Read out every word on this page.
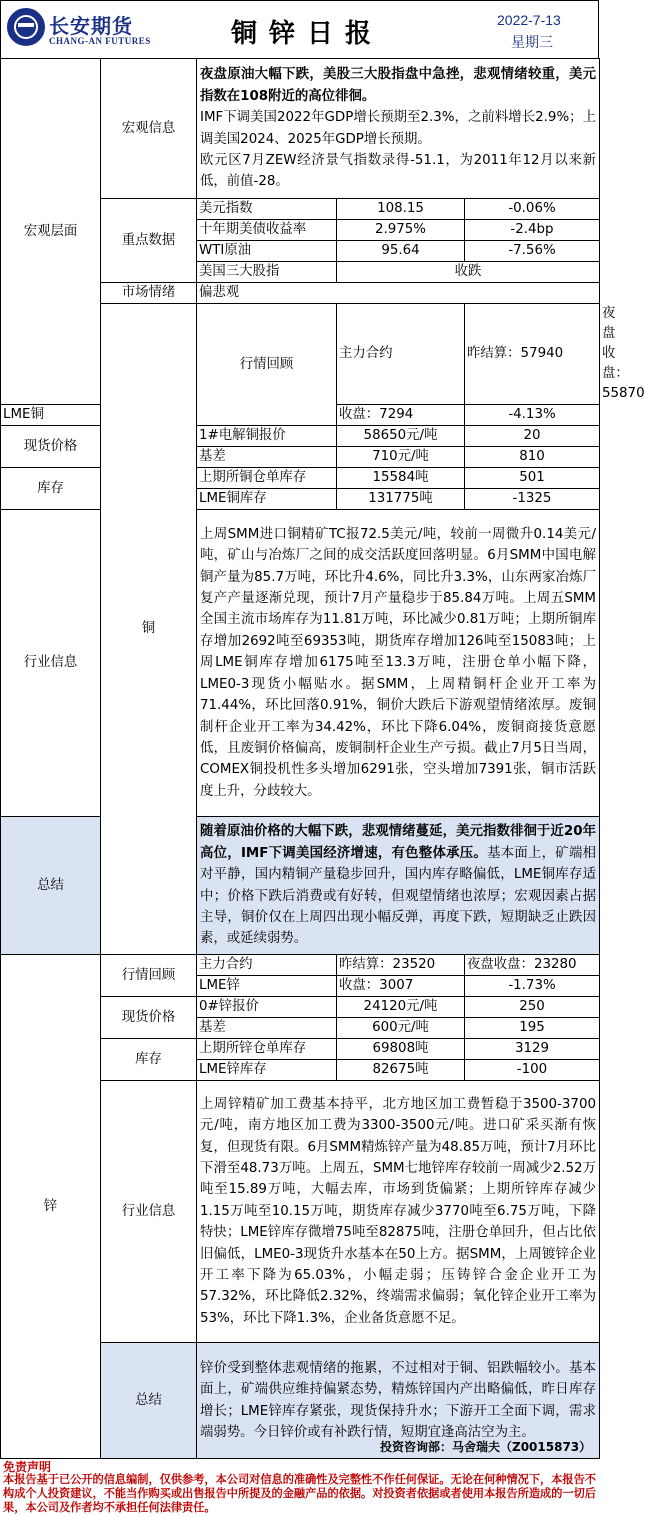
长安期货
CHANG-AN FUTURES	铜锌日报	2022-7-13
星期三
宏观层面	宏观信息	夜盘原油大幅下跌，美股三大股指盘中急挫，悲观情绪较重，美元指数在108附近的高位徘徊。
IMF下调美国2022年GDP增长预期至2.3%，之前料增长2.9%；上调美国2024、2025年GDP增长预期。
欧元区7月ZEW经济景气指数录得-51.1，为2011年12月以来新低，前值-28。			

	重点数据	美元指数	108.15	-0.06%	
		十年期美债收益率	2.975%	-2.4bp	
		WTI原油	95.64	-7.56%	
		美国三大股指	收跌		
	市场情绪	偏悲观			
	铜	行情回顾	主力合约	昨结算：57940	夜盘收盘：55870
LME铜			收盘：7294	-4.13%	
现货价格		1#电解铜报价	58650元/吨	20	
		基差	710元/吨	810	
库存		上期所铜仓单库存	15584吨	501	
		LME铜库存	131775吨	-1325	
行业信息		上周SMM进口铜精矿TC报72.5美元/吨，较前一周微升0.14美元/吨，矿山与冶炼厂之间的成交活跃度回落明显。6月SMM中国电解铜产量为85.7万吨，环比升4.6%，同比升3.3%，山东两家冶炼厂复产产量逐渐兑现，预计7月产量稳步于85.84万吨。上周五SMM全国主流市场库存为11.81万吨，环比减少0.81万吨；上期所铜库存增加2692吨至69353吨，期货库存增加126吨至15083吨；上周LME铜库存增加6175吨至13.3万吨，注册仓单小幅下降，LME0-3现货小幅贴水。据SMM，上周精铜杆企业开工率为71.44%，环比回落0.91%，铜价大跌后下游观望情绪浓厚。废铜制杆企业开工率为34.42%，环比下降6.04%，废铜商接货意愿低，且废铜价格偏高，废铜制杆企业生产亏损。截止7月5日当周，COMEX铜投机性多头增加6291张，空头增加7391张，铜市活跃度上升，分歧较大。			
总结		随着原油价格的大幅下跌，悲观情绪蔓延，美元指数徘徊于近20年高位，IMF下调美国经济增速，有色整体承压。基本面上，矿端相对平静，国内精铜产量稳步回升，国内库存略偏低，LME铜库存适中；价格下跌后消费或有好转，但观望情绪也浓厚；宏观因素占据主导，铜价仅在上周四出现小幅反弹，再度下跌，短期缺乏止跌因素，或延续弱势。			
锌	行情回顾	主力合约	昨结算：23520	夜盘收盘：23280	
		LME锌	收盘：3007	-1.73%	
	现货价格	0#锌报价	24120元/吨	250	
		基差	600元/吨	195	
	库存	上期所锌仓单库存	69808吨	3129	
		LME锌库存	82675吨	-100	
	行业信息	上周锌精矿加工费基本持平，北方地区加工费暂稳于3500-3700元/吨，南方地区加工费为3300-3500元/吨。进口矿采买渐有恢复，但现货有限。6月SMM精炼锌产量为48.85万吨，预计7月环比下滑至48.73万吨。上周五，SMM七地锌库存较前一周减少2.52万吨至15.89万吨，大幅去库，市场到货偏紧；上期所锌库存减少1.15万吨至10.15万吨，期货库存减少3770吨至6.75万吨，下降特快；LME锌库存微增75吨至82875吨，注册仓单回升，但占比依旧偏低，LME0-3现货升水基本在50上方。据SMM，上周镀锌企业开工率下降为65.03%，小幅走弱；压铸锌合金企业开工为57.32%，环比降低2.32%，终端需求偏弱；氧化锌企业开工率为53%，环比下降1.3%，企业备货意愿不足。			
	总结	锌价受到整体悲观情绪的拖累，不过相对于铜、铝跌幅较小。基本面上，矿端供应维持偏紧态势，精炼锌国内产出略偏低，昨日库存增长；LME锌库存紧张，现货保持升水；下游开工全面下调，需求端弱势。今日锌价或有补跌行情，短期宜逢高沽空为主。			
投资咨询部：马舍瑞夫（Z0015873）
免责声明
本报告基于已公开的信息编制，仅供参考，本公司对信息的准确性及完整性不作任何保证。无论在何种情况下，本报告不构成个人投资建议，不能当作购买或出售报告中所提及的金融产品的依据。对投资者依据或者使用本报告所造成的一切后果，本公司及作者均不承担任何法律责任。
